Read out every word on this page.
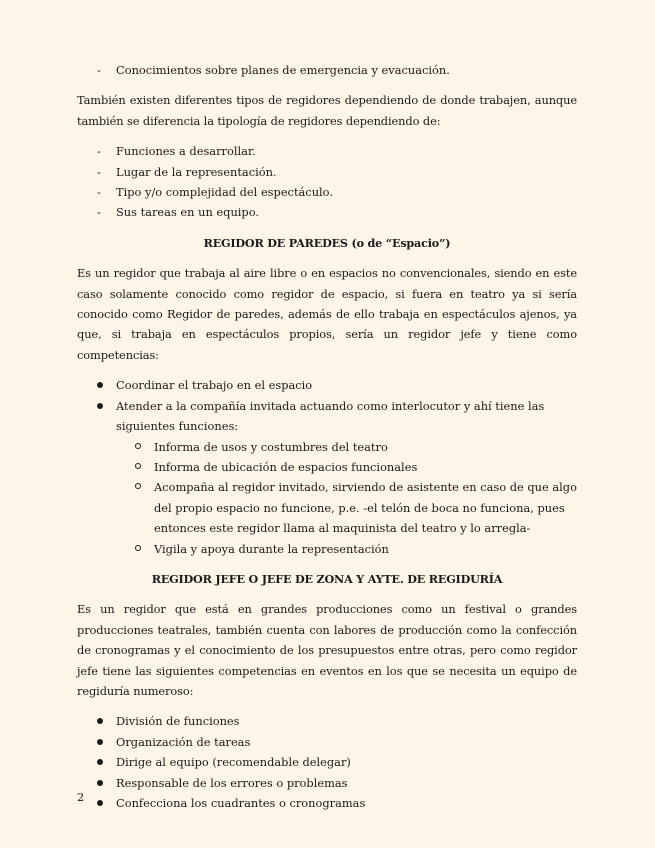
- Conocimientos sobre planes de emergencia y evacuación.

También existen diferentes tipos de regidores dependiendo de donde trabajen, aunque también se diferencia la tipología de regidores dependiendo de:

- Funciones a desarrollar.
- Lugar de la representación.
- Tipo y/o complejidad del espectáculo.
- Sus tareas en un equipo.

REGIDOR DE PAREDES (o de “Espacio”)

Es un regidor que trabaja al aire libre o en espacios no convencionales, siendo en este caso solamente conocido como regidor de espacio, si fuera en teatro ya si sería conocido como Regidor de paredes, además de ello trabaja en espectáculos ajenos, ya que, si trabaja en espectáculos propios, sería un regidor jefe y tiene como competencias:

Coordinar el trabajo en el espacio
Atender a la compañía invitada actuando como interlocutor y ahí tiene las siguientes funciones:
Informa de usos y costumbres del teatro
Informa de ubicación de espacios funcionales
Acompaña al regidor invitado, sirviendo de asistente en caso de que algo del propio espacio no funcione, p.e. -el telón de boca no funciona, pues entonces este regidor llama al maquinista del teatro y lo arregla-
Vigila y apoya durante la representación

REGIDOR JEFE O JEFE DE ZONA Y AYTE. DE REGIDURÍA

Es un regidor que está en grandes producciones como un festival o grandes producciones teatrales, también cuenta con labores de producción como la confección de cronogramas y el conocimiento de los presupuestos entre otras, pero como regidor jefe tiene las siguientes competencias en eventos en los que se necesita un equipo de regiduría numeroso:

División de funciones
Organización de tareas
Dirige al equipo (recomendable delegar)
Responsable de los errores o problemas
Confecciona los cuadrantes o cronogramas
2
